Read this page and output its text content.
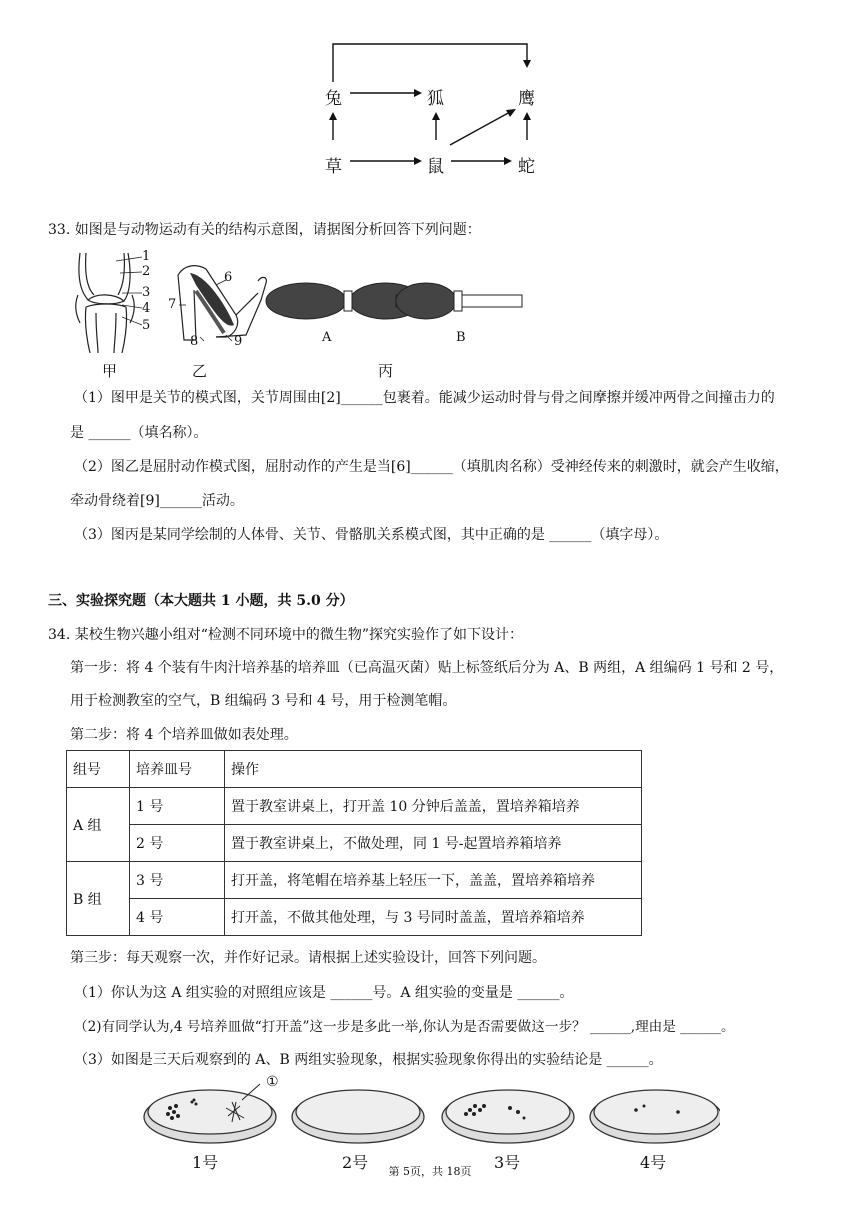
兔	狐	鹰
草	鼠	蛇
33. 如图是与动物运动有关的结构示意图，请据图分析回答下列问题：
1
2
3
4
5
6
7
8	9	A	B
甲	乙	丙
（1）图甲是关节的模式图，关节周围由[2]______包裹着。能减少运动时骨与骨之间摩擦并缓冲两骨之间撞击力的
是 ______（填名称）。
（2）图乙是屈肘动作模式图，屈肘动作的产生是当[6]______（填肌肉名称）受神经传来的刺激时，就会产生收缩，
牵动骨绕着[9]______活动。
（3）图丙是某同学绘制的人体骨、关节、骨骼肌关系模式图，其中正确的是 ______（填字母）。
三、实验探究题（本大题共 1 小题，共 5.0 分）
34. 某校生物兴趣小组对“检测不同环境中的微生物”探究实验作了如下设计：
第一步：将 4 个装有牛肉汁培养基的培养皿（已高温灭菌）贴上标签纸后分为 A、B 两组，A 组编码 1 号和 2 号，
用于检测教室的空气，B 组编码 3 号和 4 号，用于检测笔帽。
第二步：将 4 个培养皿做如表处理。
组号	培养皿号	操作
A 组	1 号	置于教室讲桌上，打开盖 10 分钟后盖盖，置培养箱培养
	2 号	置于教室讲桌上，不做处理，同 1 号-起置培养箱培养
B 组	3 号	打开盖，将笔帽在培养基上轻压一下，盖盖，置培养箱培养
	4 号	打开盖，不做其他处理，与 3 号同时盖盖，置培养箱培养
第三步：每天观察一次，并作好记录。请根据上述实验设计，回答下列问题。
（1）你认为这 A 组实验的对照组应该是 ______号。A 组实验的变量是 ______。
（2)有同学认为,4 号培养皿做“打开盖”这一步是多此一举,你认为是否需要做这一步？ ______,理由是 ______。
（3）如图是三天后观察到的 A、B 两组实验现象，根据实验现象你得出的实验结论是 ______。
①
1号	2号	3号	4号
第 5页，共 18页
